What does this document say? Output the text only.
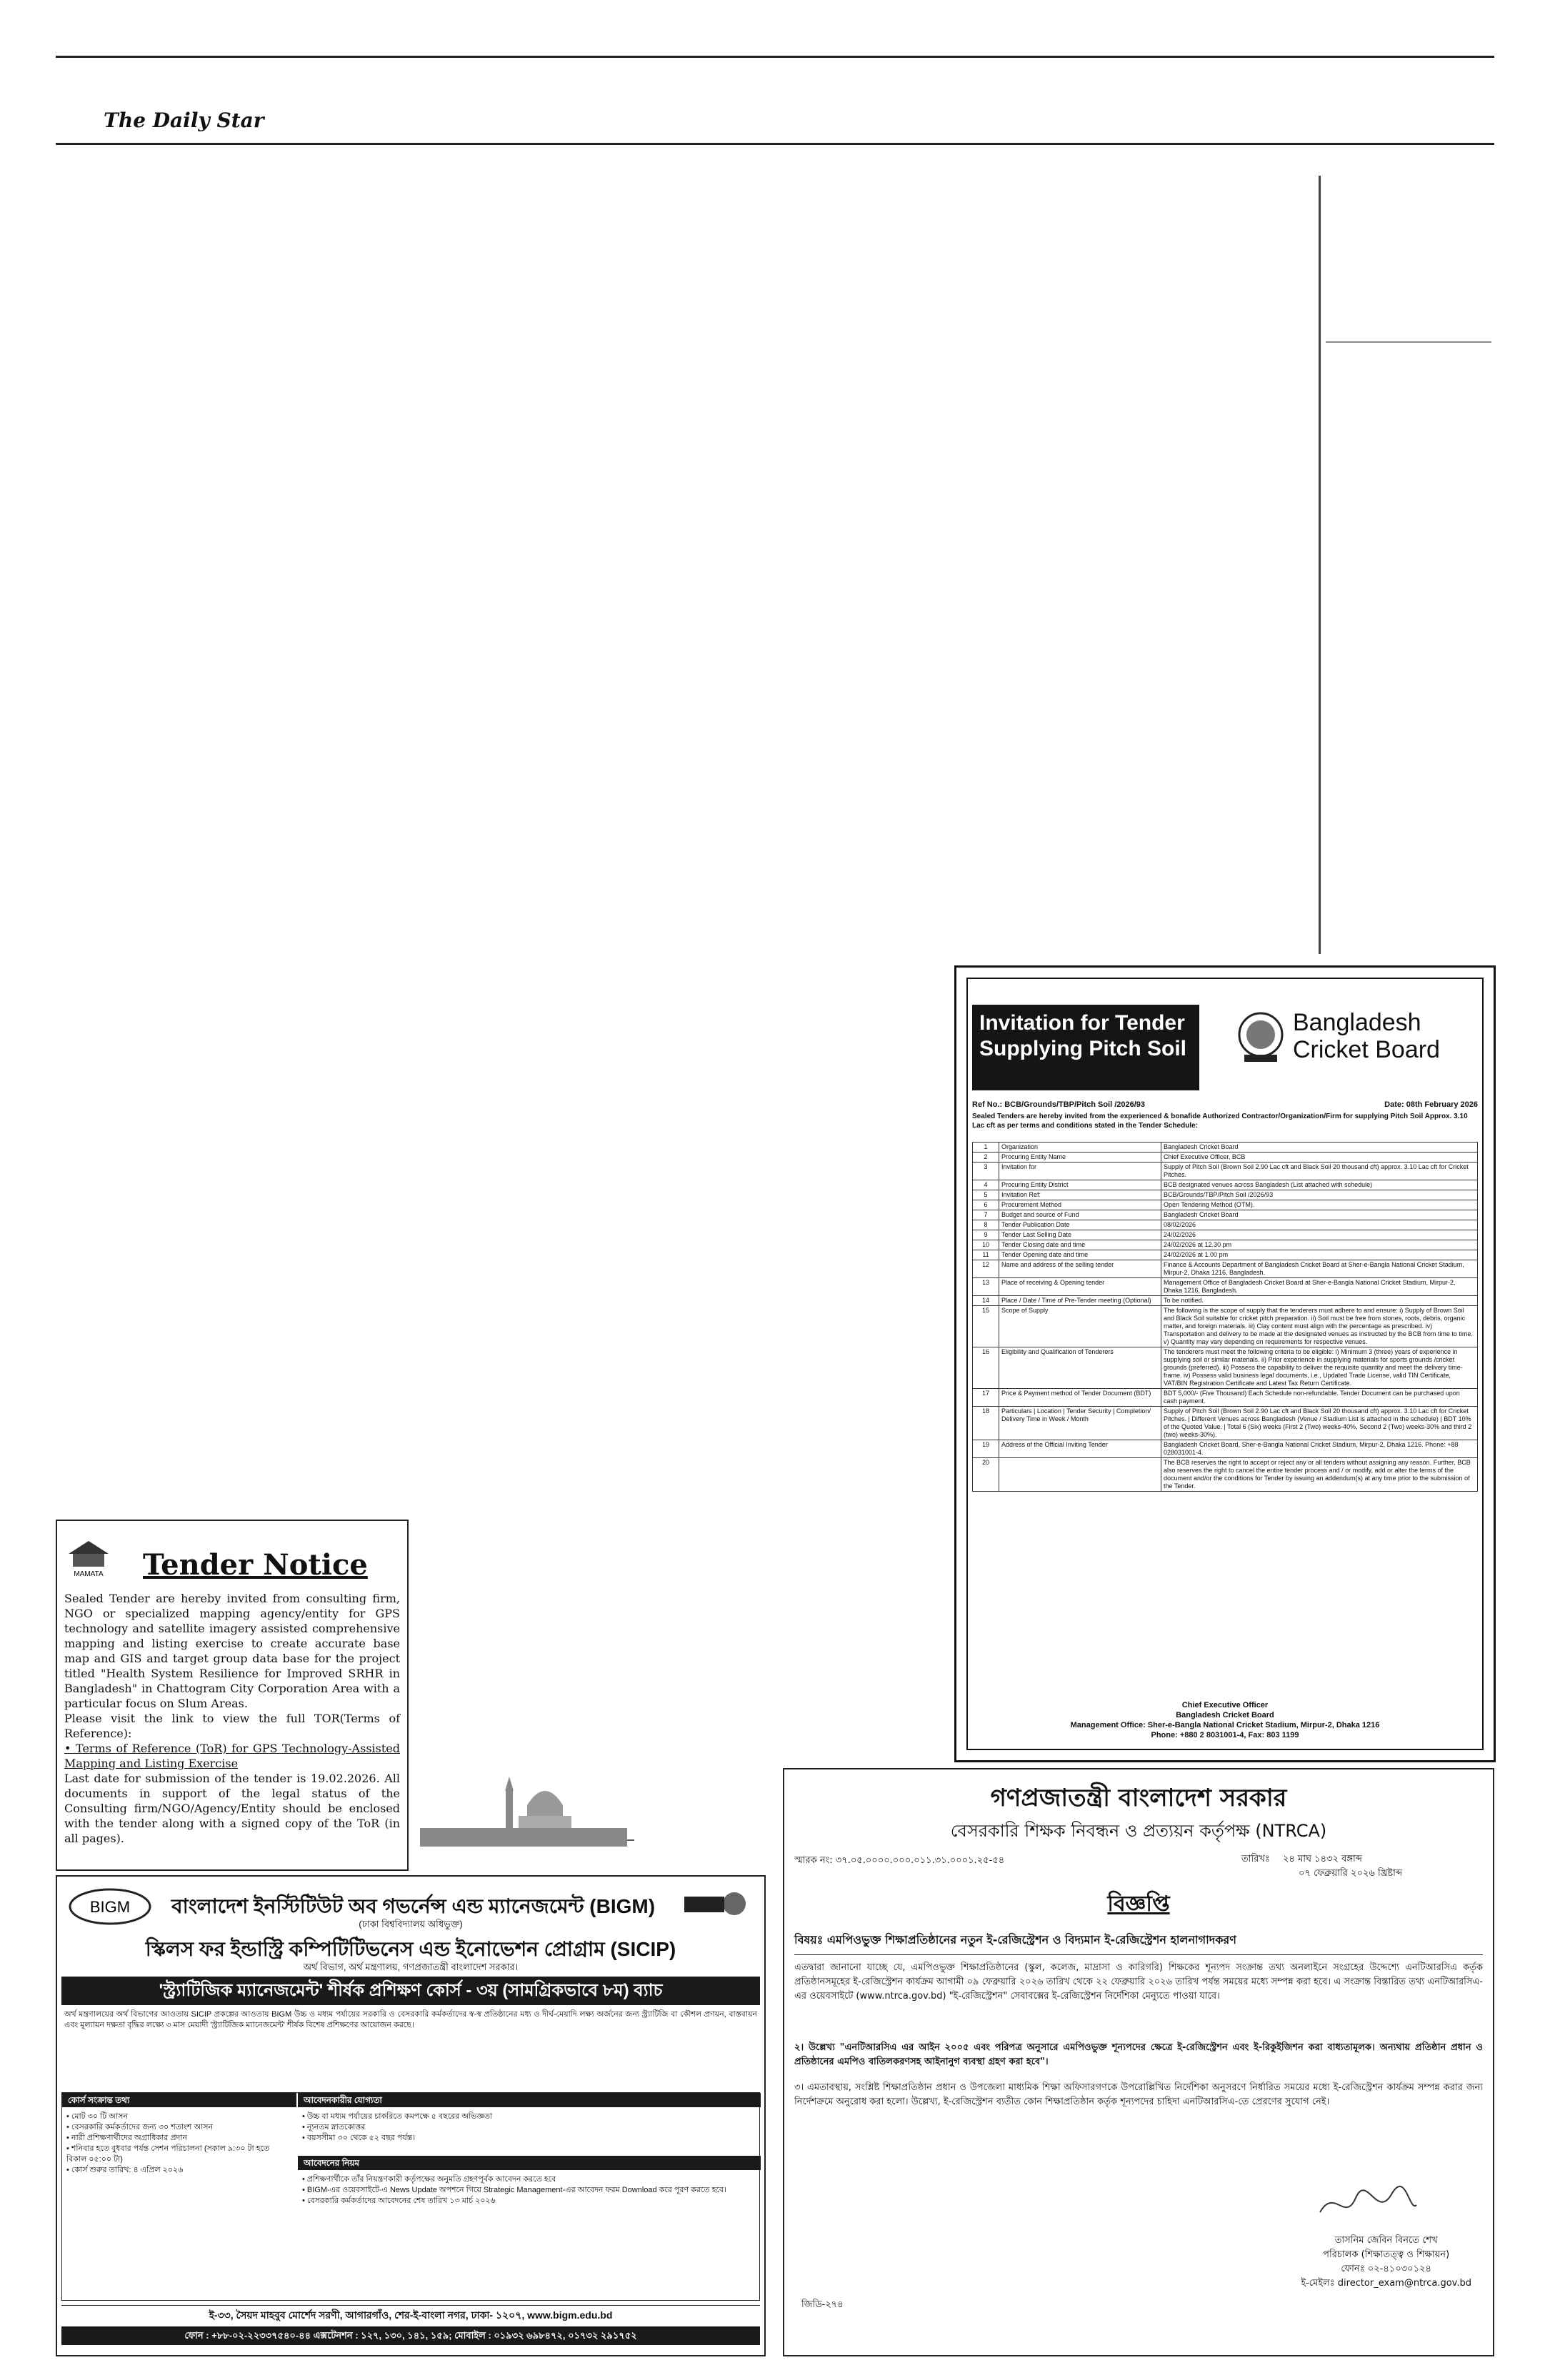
The Daily Star
Invitation for Tender Supplying Pitch Soil
Bangladesh Cricket Board
Ref No.: BCB/Grounds/TBP/Pitch Soil /2026/93	Date: 08th February 2026
Sealed Tenders are hereby invited from the experienced & bonafide Authorized Contractor/Organization/Firm for supplying Pitch Soil Approx. 3.10 Lac cft as per terms and conditions stated in the Tender Schedule:
1	Organization	Bangladesh Cricket Board
2	Procuring Entity Name	Chief Executive Officer, BCB
3	Invitation for	Supply of Pitch Soil (Brown Soil 2.90 Lac cft and Black Soil 20 thousand cft) approx. 3.10 Lac cft for Cricket Pitches.
4	Procuring Entity District	BCB designated venues across Bangladesh (List attached with schedule)
5	Invitation Ref:	BCB/Grounds/TBP/Pitch Soil /2026/93
6	Procurement Method	Open Tendering Method (OTM).
7	Budget and source of Fund	Bangladesh Cricket Board
8	Tender Publication Date	08/02/2026
9	Tender Last Selling Date	24/02/2026
10	Tender Closing date and time	24/02/2026 at 12.30 pm
11	Tender Opening date and time	24/02/2026 at 1.00 pm
12	Name and address of the selling tender	Finance & Accounts Department of Bangladesh Cricket Board at Sher-e-Bangla National Cricket Stadium, Mirpur-2, Dhaka 1216, Bangladesh.
13	Place of receiving & Opening tender	Management Office of Bangladesh Cricket Board at Sher-e-Bangla National Cricket Stadium, Mirpur-2, Dhaka 1216, Bangladesh.
14	Place / Date / Time of Pre-Tender meeting (Optional)	To be notified.
15	Scope of Supply	The following is the scope of supply that the tenderers must adhere to and ensure: i) Supply of Brown Soil and Black Soil suitable for cricket pitch preparation. ii) Soil must be free from stones, roots, debris, organic matter, and foreign materials. iii) Clay content must align with the percentage as prescribed. iv) Transportation and delivery to be made at the designated venues as instructed by the BCB from time to time. v) Quantity may vary depending on requirements for respective venues.
16	Eligibility and Qualification of Tenderers	The tenderers must meet the following criteria to be eligible: i) Minimum 3 (three) years of experience in supplying soil or similar materials. ii) Prior experience in supplying materials for sports grounds /cricket grounds (preferred). iii) Possess the capability to deliver the requisite quantity and meet the delivery time-frame. iv) Possess valid business legal documents, i.e., Updated Trade License, valid TIN Certificate, VAT/BIN Registration Certificate and Latest Tax Return Certificate.
17	Price & Payment method of Tender Document (BDT)	BDT 5,000/- (Five Thousand) Each Schedule non-refundable. Tender Document can be purchased upon cash payment.
18	Particulars | Location | Tender Security | Completion/ Delivery Time in Week / Month	Supply of Pitch Soil (Brown Soil 2.90 Lac cft and Black Soil 20 thousand cft) approx. 3.10 Lac cft for Cricket Pitches. | Different Venues across Bangladesh (Venue / Stadium List is attached in the schedule) | BDT 10% of the Quoted Value. | Total 6 (Six) weeks (First 2 (Two) weeks-40%, Second 2 (Two) weeks-30% and third 2 (two) weeks-30%).
19	Address of the Official Inviting Tender	Bangladesh Cricket Board, Sher-e-Bangla National Cricket Stadium, Mirpur-2, Dhaka 1216. Phone: +88 028031001-4.
20		The BCB reserves the right to accept or reject any or all tenders without assigning any reason. Further, BCB also reserves the right to cancel the entire tender process and / or modify, add or alter the terms of the document and/or the conditions for Tender by issuing an addendum(s) at any time prior to the submission of the Tender.
Chief Executive Officer
Bangladesh Cricket Board
Management Office: Sher-e-Bangla National Cricket Stadium, Mirpur-2, Dhaka 1216
Phone: +880 2 8031001-4, Fax: 803 1199
MAMATA Tender Notice
Sealed Tender are hereby invited from consulting firm, NGO or specialized mapping agency/entity for GPS technology and satellite imagery assisted comprehensive mapping and listing exercise to create accurate base map and GIS and target group data base for the project titled "Health System Resilience for Improved SRHR in Bangladesh" in Chattogram City Corporation Area with a particular focus on Slum Areas.
Please visit the link to view the full TOR(Terms of Reference):
• Terms of Reference (ToR) for GPS Technology-Assisted Mapping and Listing Exercise
Last date for submission of the tender is 19.02.2026. All documents in support of the legal status of the Consulting firm/NGO/Agency/Entity should be enclosed with the tender along with a signed copy of the ToR (in all pages).
BIGM বাংলাদেশ ইনস্টিটিউট অব গভর্নেন্স এন্ড ম্যানেজমেন্ট (BIGM)
(ঢাকা বিশ্ববিদ্যালয় অধিভুক্ত)
স্কিলস ফর ইন্ডাস্ট্রি কম্পিটিটিভনেস এন্ড ইনোভেশন প্রোগ্রাম (SICIP)
অর্থ বিভাগ, অর্থ মন্ত্রণালয়, গণপ্রজাতন্ত্রী বাংলাদেশ সরকার।
'স্ট্র্যাটিজিক ম্যানেজমেন্ট' শীর্ষক প্রশিক্ষণ কোর্স - ৩য় (সামগ্রিকভাবে ৮ম) ব্যাচ
অর্থ মন্ত্রণালয়ের অর্থ বিভাগের আওতায় SICIP প্রকল্পের আওতায় BIGM উচ্চ ও মধ্যম পর্যায়ের সরকারি ও বেসরকারি কর্মকর্তাদের স্ব-স্ব প্রতিষ্ঠানের মধ্য ও দীর্ঘ-মেয়াদি লক্ষ্য অর্জনের জন্য স্ট্র্যাটিজি বা কৌশল প্রণয়ন, বাস্তবায়ন এবং মূল্যায়ন দক্ষতা বৃদ্ধির লক্ষ্যে ৩ মাস মেয়াদী 'স্ট্র্যাটিজিক ম্যানেজমেন্ট' শীর্ষক বিশেষ প্রশিক্ষণের আয়োজন করছে।
কোর্স সংক্রান্ত তথ্য
• মোট ৩০ টি আসন
• বেসরকারি কর্মকর্তাদের জন্য ৩০ শতাংশ আসন
• নারী প্রশিক্ষণার্থীদের অগ্রাধিকার প্রদান
• শনিবার হতে বুধবার পর্যন্ত সেশন পরিচালনা (সকাল ৯:৩০ টা হতে বিকাল ০৫:০০ টা)
• কোর্স শুরুর তারিখ: ৪ এপ্রিল ২০২৬
আবেদনকারীর যোগ্যতা
• উচ্চ বা মধ্যম পর্যায়ের চাকরিতে কমপক্ষে ৫ বছরের অভিজ্ঞতা
• ন্যূনতম স্নাতকোত্তর
• বয়সসীমা ৩০ থেকে ৫২ বছর পর্যন্ত।
আবেদনের নিয়ম
• প্রশিক্ষণার্থীকে তাঁর নিয়ন্ত্রণকারী কর্তৃপক্ষের অনুমতি গ্রহণপূর্বক আবেদন করতে হবে
• BIGM-এর ওয়েবসাইটে-এ News Update অপশনে গিয়ে Strategic Management-এর আবেদন ফরম Download করে পূরণ করতে হবে।
• বেসরকারি কর্মকর্তাদের আবেদনের শেষ তারিখ ১৩ মার্চ ২০২৬
ই-৩৩, সৈয়দ মাহবুব মোর্শেদ সরণী, আগারগাঁও, শের-ই-বাংলা নগর, ঢাকা- ১২০৭, www.bigm.edu.bd
ফোন : +৮৮-০২-২২৩৩৭৫৪০-৪৪ এক্সটেনশন : ১২৭, ১৩০, ১৪১, ১৫৯; মোবাইল : ০১৯৩২ ৬৯৮৪৭২, ০১৭৩২ ২৯১৭৫২
গণপ্রজাতন্ত্রী বাংলাদেশ সরকার
বেসরকারি শিক্ষক নিবন্ধন ও প্রত্যয়ন কর্তৃপক্ষ (NTRCA)
স্মারক নং: ৩৭.০৫.০০০০.০০০.০১১.৩১.০০০১.২৫-৫৪	তারিখঃ ২৪ মাঘ ১৪৩২ বঙ্গাব্দ
০৭ ফেব্রুয়ারি ২০২৬ খ্রিষ্টাব্দ
বিজ্ঞপ্তি
বিষয়ঃ এমপিওভুক্ত শিক্ষাপ্রতিষ্ঠানের নতুন ই-রেজিস্ট্রেশন ও বিদ্যমান ই-রেজিস্ট্রেশন হালনাগাদকরণ
এতদ্বারা জানানো যাচ্ছে যে, এমপিওভুক্ত শিক্ষাপ্রতিষ্ঠানের (স্কুল, কলেজ, মাদ্রাসা ও কারিগরি) শিক্ষকের শূন্যপদ সংক্রান্ত তথ্য অনলাইনে সংগ্রহের উদ্দেশ্যে এনটিআরসিএ কর্তৃক প্রতিষ্ঠানসমূহের ই-রেজিস্ট্রেশন কার্যক্রম আগামী ০৯ ফেব্রুয়ারি ২০২৬ তারিখ থেকে ২২ ফেব্রুয়ারি ২০২৬ তারিখ পর্যন্ত সময়ের মধ্যে সম্পন্ন করা হবে। এ সংক্রান্ত বিস্তারিত তথ্য এনটিআরসিএ-এর ওয়েবসাইটে (www.ntrca.gov.bd) "ই-রেজিস্ট্রেশন" সেবাবক্সের ই-রেজিস্ট্রেশন নির্দেশিকা মেন্যুতে পাওয়া যাবে।
২। উল্লেখ্য "এনটিআরসিএ এর আইন ২০০৫ এবং পরিপত্র অনুসারে এমপিওভুক্ত শূন্যপদের ক্ষেত্রে ই-রেজিস্ট্রেশন এবং ই-রিকুইজিশন করা বাধ্যতামূলক। অন্যথায় প্রতিষ্ঠান প্রধান ও প্রতিষ্ঠানের এমপিও বাতিলকরণসহ আইনানুগ ব্যবস্থা গ্রহণ করা হবে"।
৩। এমতাবস্থায়, সংশ্লিষ্ট শিক্ষাপ্রতিষ্ঠান প্রধান ও উপজেলা মাধ্যমিক শিক্ষা অফিসারগণকে উপরোল্লিখিত নির্দেশিকা অনুসরণে নির্ধারিত সময়ের মধ্যে ই-রেজিস্ট্রেশন কার্যক্রম সম্পন্ন করার জন্য নির্দেশক্রমে অনুরোধ করা হলো। উল্লেখ্য, ই-রেজিস্ট্রেশন ব্যতীত কোন শিক্ষাপ্রতিষ্ঠান কর্তৃক শূন্যপদের চাহিদা এনটিআরসিএ-তে প্রেরণের সুযোগ নেই।
তাসনিম জেবিন বিনতে শেখ
পরিচালক (শিক্ষাতত্ত্ব ও শিক্ষায়ন)
ফোনঃ ০২-৪১০৩০১২৪
ই-মেইলঃ director_exam@ntrca.gov.bd
জিডি-২৭৪
